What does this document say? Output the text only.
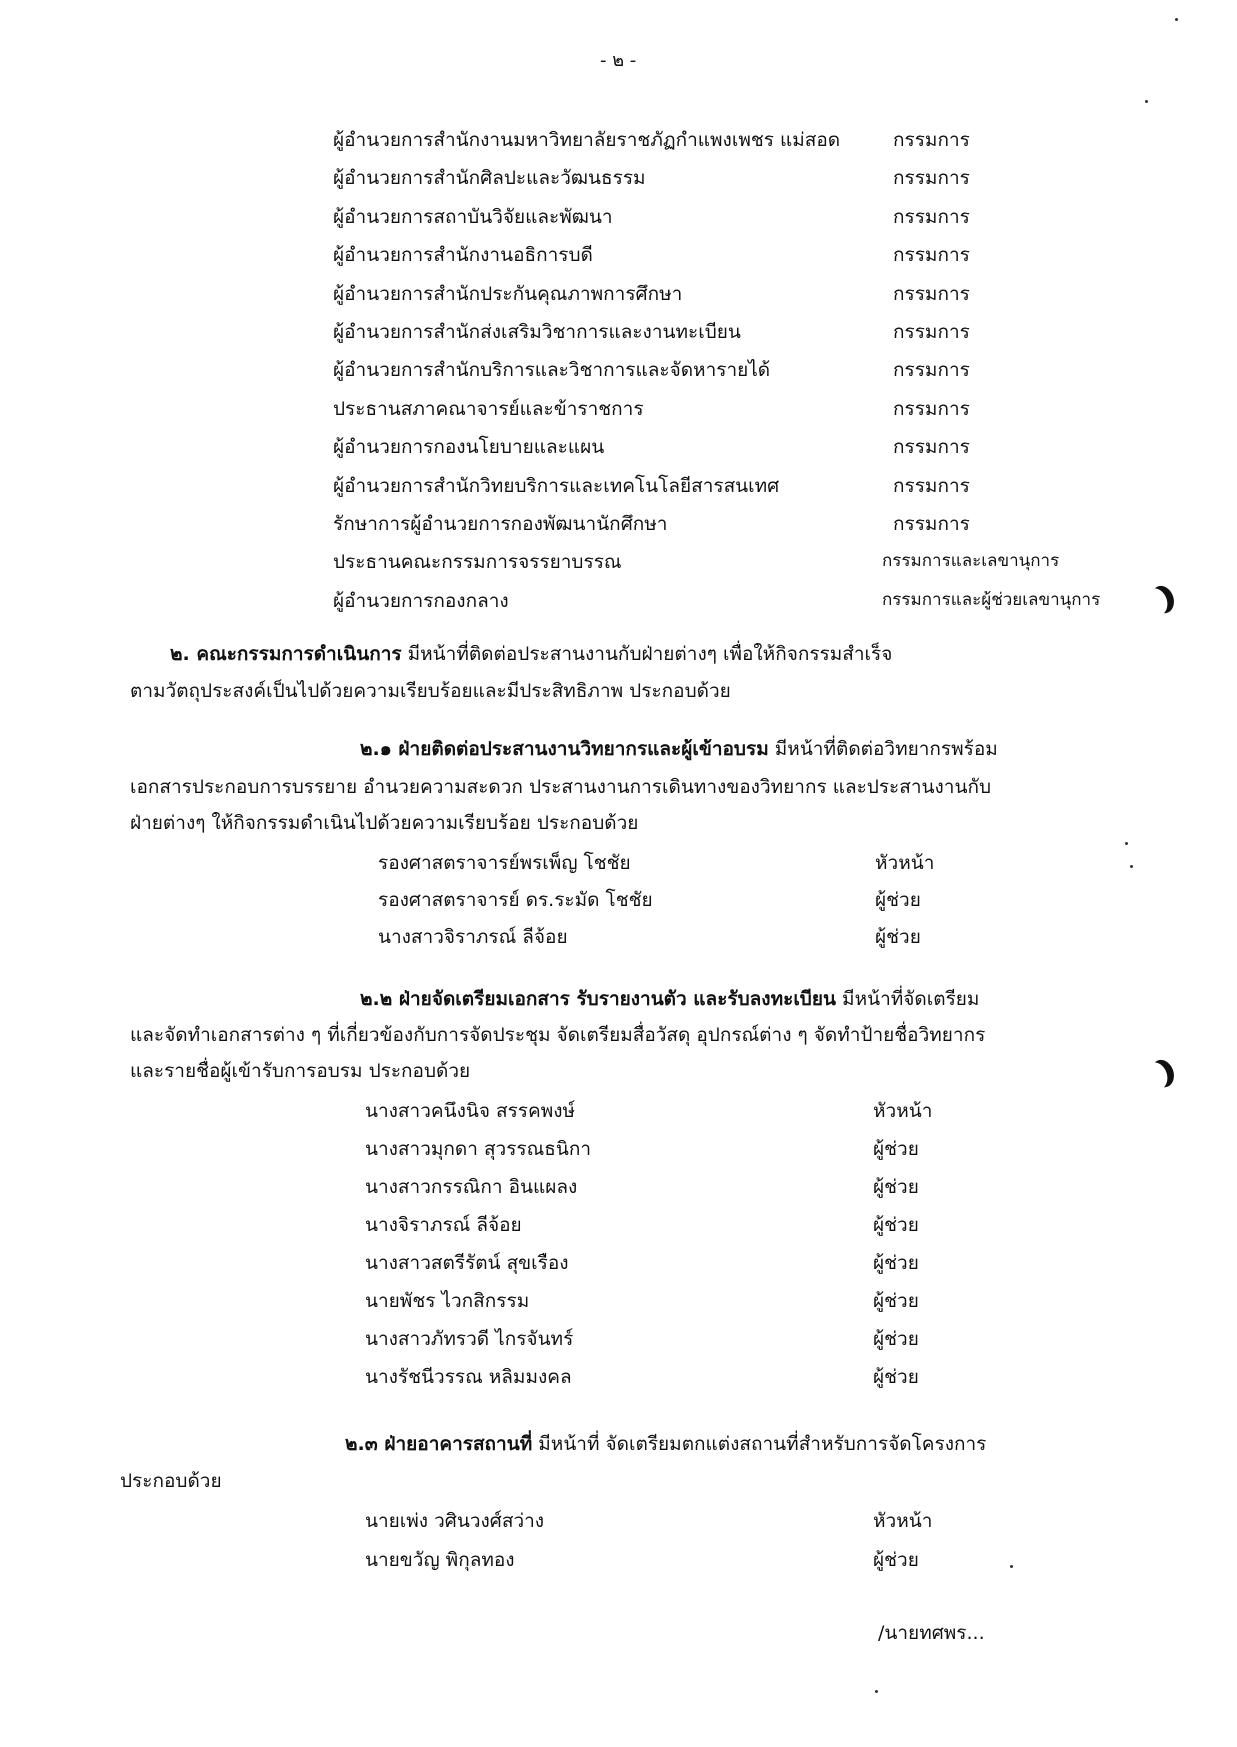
- ๒ -
ผู้อำนวยการสำนักงานมหาวิทยาลัยราชภัฏกำแพงเพชร แม่สอด	กรรมการ
ผู้อำนวยการสำนักศิลปะและวัฒนธรรม	กรรมการ
ผู้อำนวยการสถาบันวิจัยและพัฒนา	กรรมการ
ผู้อำนวยการสำนักงานอธิการบดี	กรรมการ
ผู้อำนวยการสำนักประกันคุณภาพการศึกษา	กรรมการ
ผู้อำนวยการสำนักส่งเสริมวิชาการและงานทะเบียน	กรรมการ
ผู้อำนวยการสำนักบริการและวิชาการและจัดหารายได้	กรรมการ
ประธานสภาคณาจารย์และข้าราชการ	กรรมการ
ผู้อำนวยการกองนโยบายและแผน	กรรมการ
ผู้อำนวยการสำนักวิทยบริการและเทคโนโลยีสารสนเทศ	กรรมการ
รักษาการผู้อำนวยการกองพัฒนานักศึกษา	กรรมการ
ประธานคณะกรรมการจรรยาบรรณ	กรรมการและเลขานุการ
ผู้อำนวยการกองกลาง	กรรมการและผู้ช่วยเลขานุการ
๒. คณะกรรมการดำเนินการ มีหน้าที่ติดต่อประสานงานกับฝ่ายต่างๆ เพื่อให้กิจกรรมสำเร็จ
ตามวัตถุประสงค์เป็นไปด้วยความเรียบร้อยและมีประสิทธิภาพ ประกอบด้วย
๒.๑ ฝ่ายติดต่อประสานงานวิทยากรและผู้เข้าอบรม มีหน้าที่ติดต่อวิทยากรพร้อม
เอกสารประกอบการบรรยาย อำนวยความสะดวก ประสานงานการเดินทางของวิทยากร และประสานงานกับ
ฝ่ายต่างๆ ให้กิจกรรมดำเนินไปด้วยความเรียบร้อย ประกอบด้วย
รองศาสตราจารย์พรเพ็ญ โชชัย	หัวหน้า
รองศาสตราจารย์ ดร.ระมัด โชชัย	ผู้ช่วย
นางสาวจิราภรณ์ ลีจ้อย	ผู้ช่วย
๒.๒ ฝ่ายจัดเตรียมเอกสาร รับรายงานตัว และรับลงทะเบียน มีหน้าที่จัดเตรียม
และจัดทำเอกสารต่าง ๆ ที่เกี่ยวข้องกับการจัดประชุม จัดเตรียมสื่อวัสดุ อุปกรณ์ต่าง ๆ จัดทำป้ายชื่อวิทยากร
และรายชื่อผู้เข้ารับการอบรม ประกอบด้วย
นางสาวคนึงนิจ สรรคพงษ์	หัวหน้า
นางสาวมุกดา สุวรรณธนิกา	ผู้ช่วย
นางสาวกรรณิกา อินแผลง	ผู้ช่วย
นางจิราภรณ์ ลีจ้อย	ผู้ช่วย
นางสาวสตรีรัตน์ สุขเรือง	ผู้ช่วย
นายพัชร ไวกสิกรรม	ผู้ช่วย
นางสาวภัทรวดี ไกรจันทร์	ผู้ช่วย
นางรัชนีวรรณ หลิมมงคล	ผู้ช่วย
๒.๓ ฝ่ายอาคารสถานที่ มีหน้าที่ จัดเตรียมตกแต่งสถานที่สำหรับการจัดโครงการ
ประกอบด้วย
นายเพ่ง วศินวงศ์สว่าง	หัวหน้า
นายขวัญ พิกุลทอง	ผู้ช่วย
/นายทศพร...
